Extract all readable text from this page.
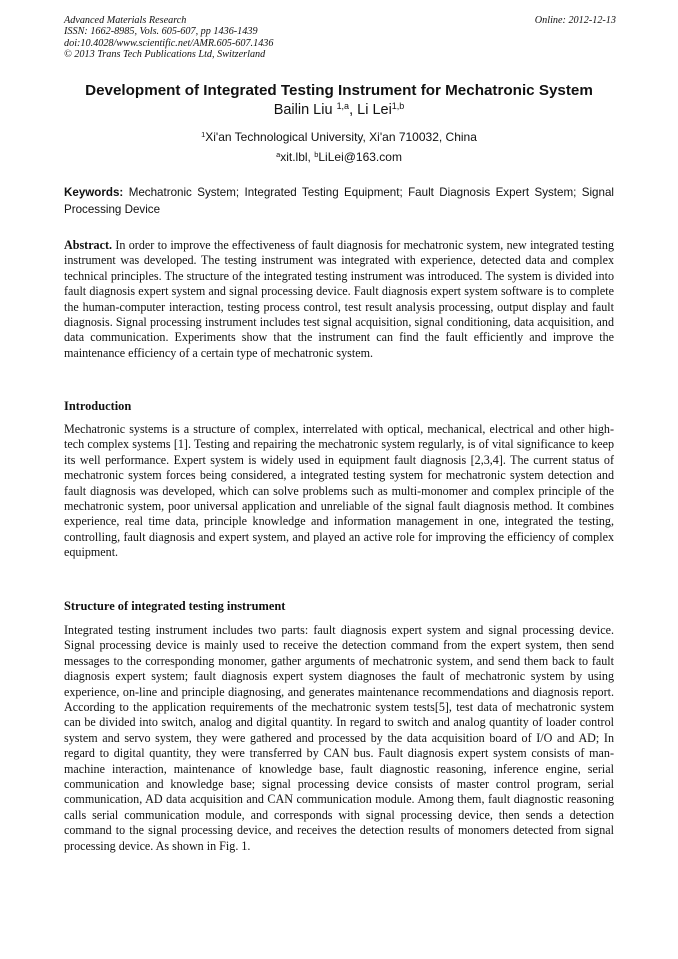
Advanced Materials Research
ISSN: 1662-8985, Vols. 605-607, pp 1436-1439
doi:10.4028/www.scientific.net/AMR.605-607.1436
© 2013 Trans Tech Publications Ltd, Switzerland
Online: 2012-12-13
Development of Integrated Testing Instrument for Mechatronic System
Bailin Liu $^{1,a}$, Li Lei$^{1,b}$
$^1$Xi'an Technological University, Xi'an 710032, China
$^a$xit.lbl, $^b$LiLei@163.com
Keywords: Mechatronic System; Integrated Testing Equipment; Fault Diagnosis Expert System; Signal Processing Device
Abstract. In order to improve the effectiveness of fault diagnosis for mechatronic system, new integrated testing instrument was developed. The testing instrument was integrated with experience, detected data and complex technical principles. The structure of the integrated testing instrument was introduced. The system is divided into fault diagnosis expert system and signal processing device. Fault diagnosis expert system software is to complete the human-computer interaction, testing process control, test result analysis processing, output display and fault diagnosis. Signal processing instrument includes test signal acquisition, signal conditioning, data acquisition, and data communication. Experiments show that the instrument can find the fault efficiently and improve the maintenance efficiency of a certain type of mechatronic system.
Introduction
Mechatronic systems is a structure of complex, interrelated with optical, mechanical, electrical and other high-tech complex systems [1]. Testing and repairing the mechatronic system regularly, is of vital significance to keep its well performance. Expert system is widely used in equipment fault diagnosis [2,3,4]. The current status of mechatronic system forces being considered, a integrated testing system for mechatronic system detection and fault diagnosis was developed, which can solve problems such as multi-monomer and complex principle of the mechatronic system, poor universal application and unreliable of the signal fault diagnosis method. It combines experience, real time data, principle knowledge and information management in one, integrated the testing, controlling, fault diagnosis and expert system, and played an active role for improving the efficiency of complex equipment.
Structure of integrated testing instrument
Integrated testing instrument includes two parts: fault diagnosis expert system and signal processing device. Signal processing device is mainly used to receive the detection command from the expert system, then send messages to the corresponding monomer, gather arguments of mechatronic system, and send them back to fault diagnosis expert system; fault diagnosis expert system diagnoses the fault of mechatronic system by using experience, on-line and principle diagnosing, and generates maintenance recommendations and diagnosis report. According to the application requirements of the mechatronic system tests[5], test data of mechatronic system can be divided into switch, analog and digital quantity. In regard to switch and analog quantity of loader control system and servo system, they were gathered and processed by the data acquisition board of I/O and AD; In regard to digital quantity, they were transferred by CAN bus. Fault diagnosis expert system consists of man-machine interaction, maintenance of knowledge base, fault diagnostic reasoning, inference engine, serial communication and knowledge base; signal processing device consists of master control program, serial communication, AD data acquisition and CAN communication module. Among them, fault diagnostic reasoning calls serial communication module, and corresponds with signal processing device, then sends a detection command to the signal processing device, and receives the detection results of monomers detected from signal processing device. As shown in Fig. 1.
